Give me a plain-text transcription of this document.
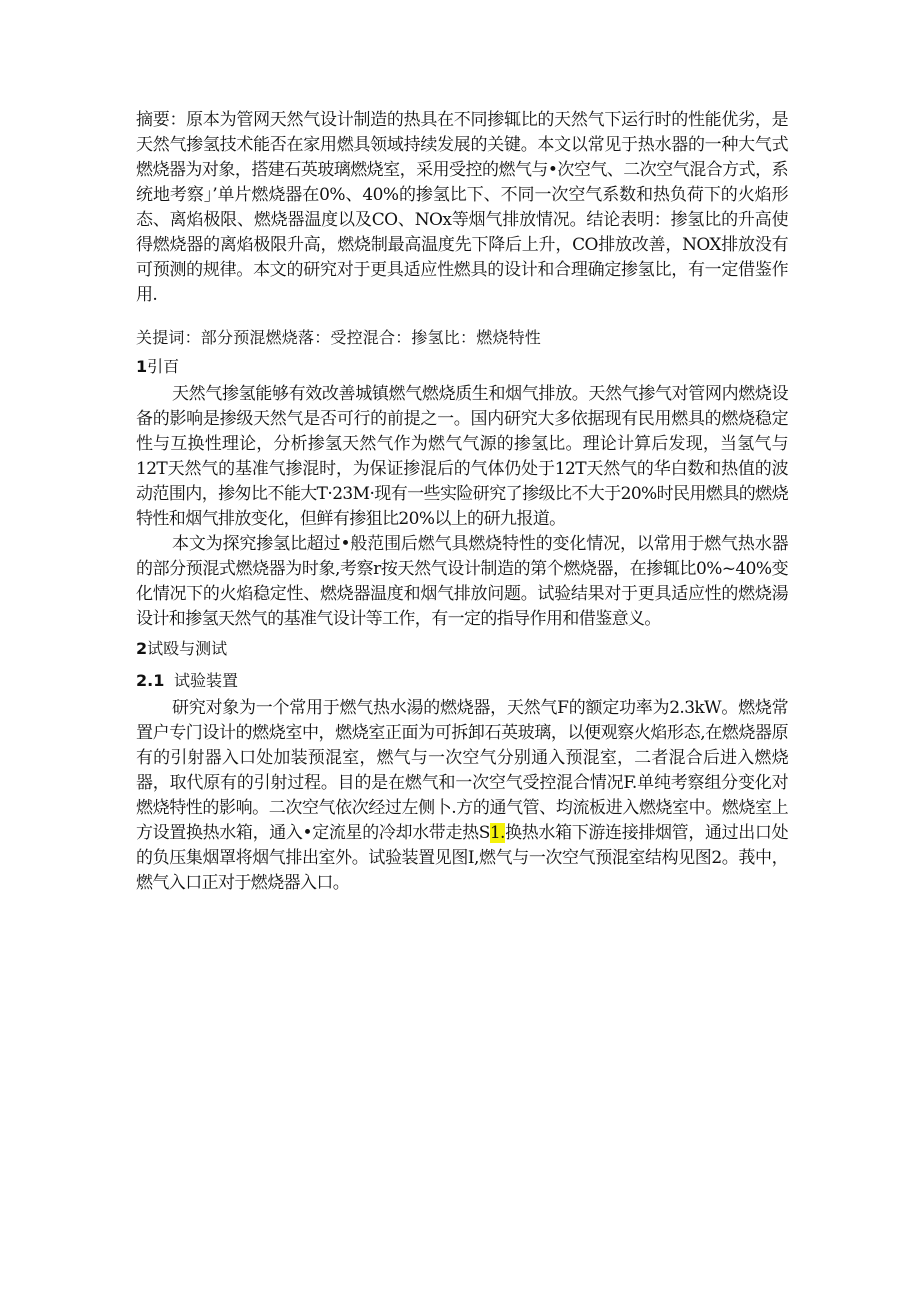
摘要：原本为管网天然气设计制造的热具在不同掺辄比的天然气下运行时的性能优劣，是天然气掺氢技术能否在家用燃具领域持续发展的关键。本文以常见于热水器的一种大气式燃烧器为对象，搭建石英玻璃燃烧室，采用受控的燃气与•次空气、二次空气混合方式，系统地考察」’单片燃烧器在0%、40%的掺氢比下、不同一次空气系数和热负荷下的火焰形态、离焰极限、燃烧器温度以及CO、NOx等烟气排放情况。结论表明：掺氢比的升高使得燃烧器的离焰极限升高，燃烧制最高温度先下降后上升，CO排放改善，NOX排放没有可预测的规律。本文的研究对于更具适应性燃具的设计和合理确定掺氢比，有一定借鉴作用.

关提词：部分预混燃烧落：受控混合：掺氢比：燃烧特性

1引百

天然气掺氢能够有效改善城镇燃气燃烧质生和烟气排放。天然气掺气对管网内燃烧设备的影响是掺级天然气是否可行的前提之一。国内研究大多依据现有民用燃具的燃烧稳定性与互换性理论，分析掺氢天然气作为燃气气源的掺氢比。理论计算后发现，当氢气与12T天然气的基准气掺混时，为保证掺混后的气体仍处于12T天然气的华白数和热值的波动范围内，掺匆比不能大T·23M·现有一些实险研究了掺级比不大于20%时民用燃具的燃烧特性和烟气排放变化，但鲜有掺狙比20%以上的研九报道。

本文为探究掺氢比超过•般范围后燃气具燃烧特性的变化情况，以常用于燃气热水器的部分预混式燃烧器为时象,考察r按天然气设计制造的第个燃烧器，在掺辄比0%~40%变化情况下的火焰稳定性、燃烧器温度和烟气排放问题。试验结果对于更具适应性的燃烧湯设计和掺氢天然气的基准气设计等工作，有一定的指导作用和借鉴意义。

2试殴与测试
2.1 试验装置

研究对象为一个常用于燃气热水湯的燃烧器，天然气F的额定功率为2.3kW。燃烧常置户专门设计的燃烧室中，燃烧室正面为可拆卸石英玻璃，以便观察火焰形态,在燃烧器原有的引射器入口处加装预混室，燃气与一次空气分别通入预混室，二者混合后进入燃烧器，取代原有的引射过程。目的是在燃气和一次空气受控混合情况F.单纯考察组分变化对燃烧特性的影响。二次空气依次经过左侧卜.方的通气管、均流板进入燃烧室中。燃烧室上方设置换热水箱，通入•定流星的冷却水带走热S1.换热水箱下游连接排烟管，通过出口处的负压集烟罩将烟气排出室外。试验装置见图I,燃气与一次空气预混室结构见图2。莪中，燃气入口正对于燃烧器入口。
